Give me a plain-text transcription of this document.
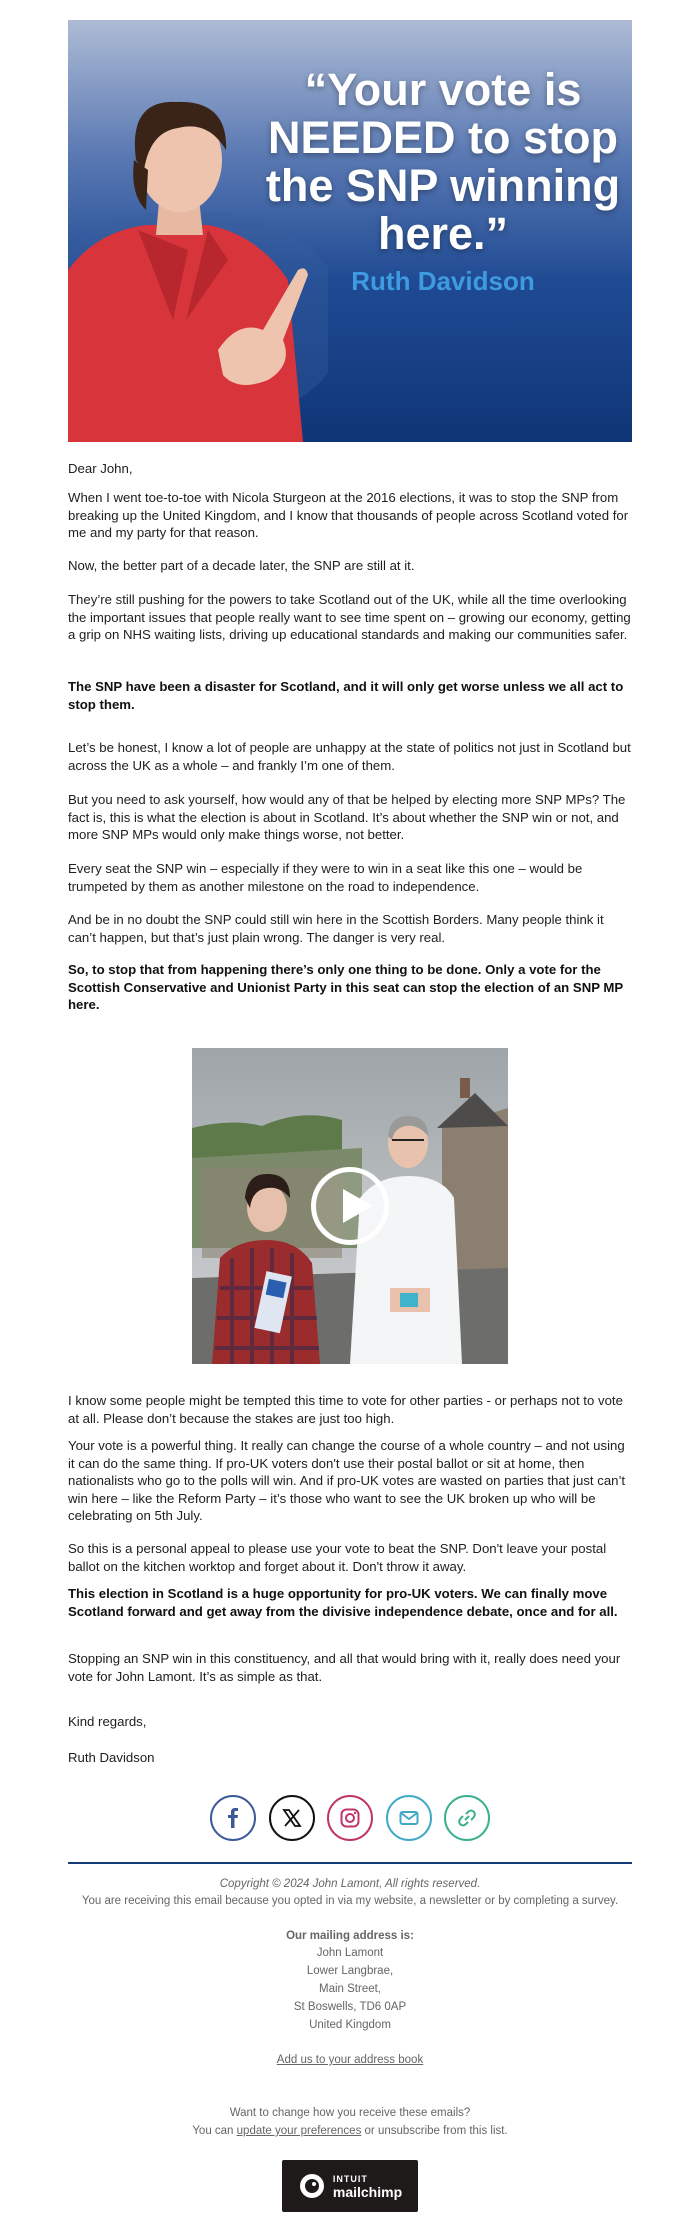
“Your vote is NEEDED to stop the SNP winning here.”
Ruth Davidson

Dear John,

When I went toe-to-toe with Nicola Sturgeon at the 2016 elections, it was to stop the SNP from breaking up the United Kingdom, and I know that thousands of people across Scotland voted for me and my party for that reason.

Now, the better part of a decade later, the SNP are still at it.

They’re still pushing for the powers to take Scotland out of the UK, while all the time overlooking the important issues that people really want to see time spent on – growing our economy, getting a grip on NHS waiting lists, driving up educational standards and making our communities safer.

The SNP have been a disaster for Scotland, and it will only get worse unless we all act to stop them.

Let’s be honest, I know a lot of people are unhappy at the state of politics not just in Scotland but across the UK as a whole – and frankly I’m one of them.

But you need to ask yourself, how would any of that be helped by electing more SNP MPs? The fact is, this is what the election is about in Scotland. It’s about whether the SNP win or not, and more SNP MPs would only make things worse, not better.

Every seat the SNP win – especially if they were to win in a seat like this one – would be trumpeted by them as another milestone on the road to independence.

And be in no doubt the SNP could still win here in the Scottish Borders. Many people think it can’t happen, but that’s just plain wrong. The danger is very real.

So, to stop that from happening there’s only one thing to be done. Only a vote for the Scottish Conservative and Unionist Party in this seat can stop the election of an SNP MP here.

I know some people might be tempted this time to vote for other parties - or perhaps not to vote at all. Please don’t because the stakes are just too high.

Your vote is a powerful thing. It really can change the course of a whole country – and not using it can do the same thing. If pro-UK voters don't use their postal ballot or sit at home, then nationalists who go to the polls will win. And if pro-UK votes are wasted on parties that just can’t win here – like the Reform Party – it’s those who want to see the UK broken up who will be celebrating on 5th July.

So this is a personal appeal to please use your vote to beat the SNP. Don't leave your postal ballot on the kitchen worktop and forget about it. Don't throw it away.

This election in Scotland is a huge opportunity for pro-UK voters. We can finally move Scotland forward and get away from the divisive independence debate, once and for all.

Stopping an SNP win in this constituency, and all that would bring with it, really does need your vote for John Lamont. It’s as simple as that.

Kind regards,

Ruth Davidson

Copyright © 2024 John Lamont, All rights reserved.
You are receiving this email because you opted in via my website, a newsletter or by completing a survey.
Our mailing address is:
John Lamont
Lower Langbrae,
Main Street,
St Boswells, TD6 0AP
United Kingdom
Add us to your address book
Want to change how you receive these emails?
You can update your preferences or unsubscribe from this list.
INTUIT
mailchimp
